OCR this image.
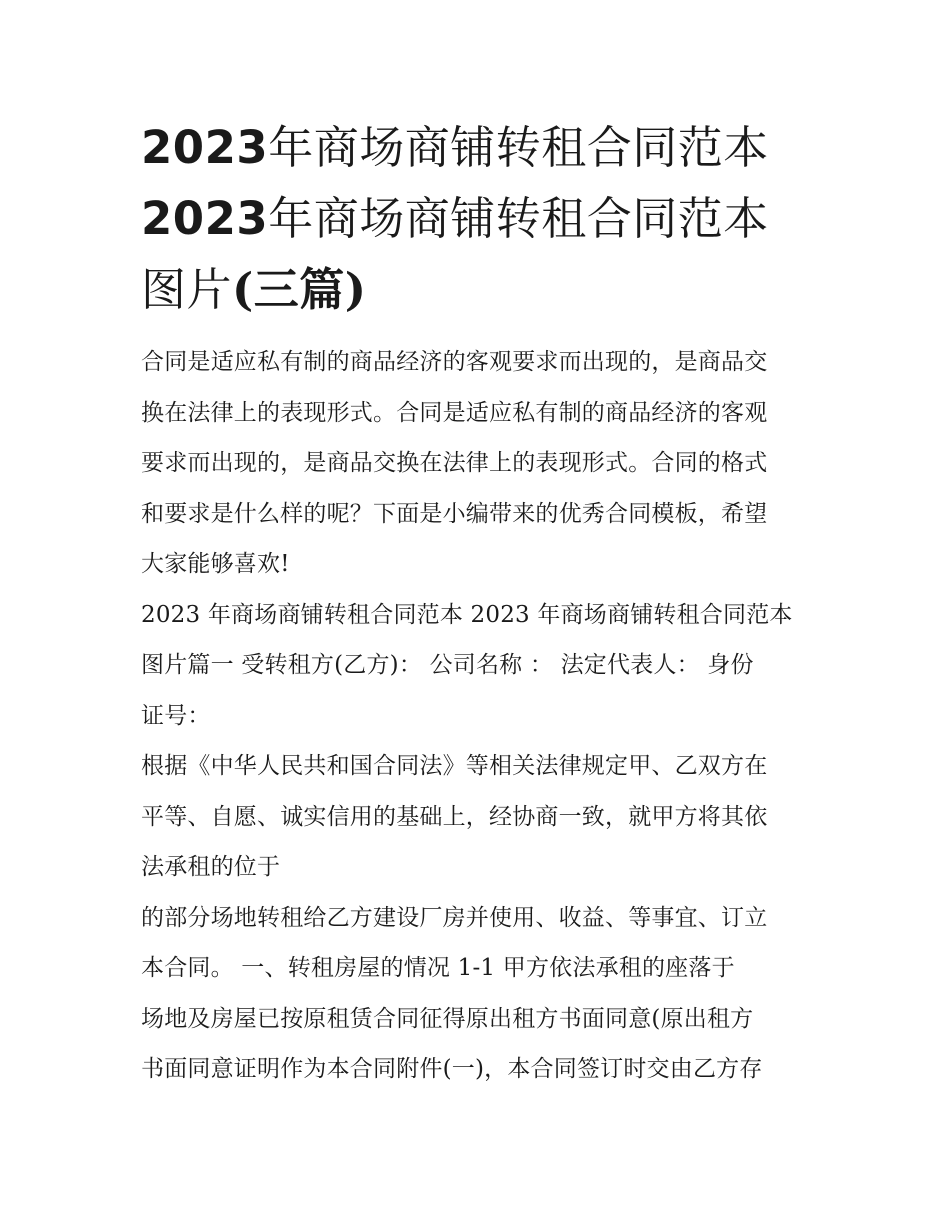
2023年商场商铺转租合同范本
2023年商场商铺转租合同范本
图片(三篇)

合同是适应私有制的商品经济的客观要求而出现的，是商品交
换在法律上的表现形式。合同是适应私有制的商品经济的客观
要求而出现的，是商品交换在法律上的表现形式。合同的格式
和要求是什么样的呢？下面是小编带来的优秀合同模板，希望
大家能够喜欢!

2023 年商场商铺转租合同范本 2023 年商场商铺转租合同范本
图片篇一 受转租方(乙方)： 公司名称 ： 法定代表人： 身份
证号：

根据《中华人民共和国合同法》等相关法律规定甲、乙双方在
平等、自愿、诚实信用的基础上，经协商一致，就甲方将其依
法承租的位于

的部分场地转租给乙方建设厂房并使用、收益、等事宜、订立
本合同。 一、转租房屋的情况 1-1 甲方依法承租的座落于

场地及房屋已按原租赁合同征得原出租方书面同意(原出租方
书面同意证明作为本合同附件(一)，本合同签订时交由乙方存
